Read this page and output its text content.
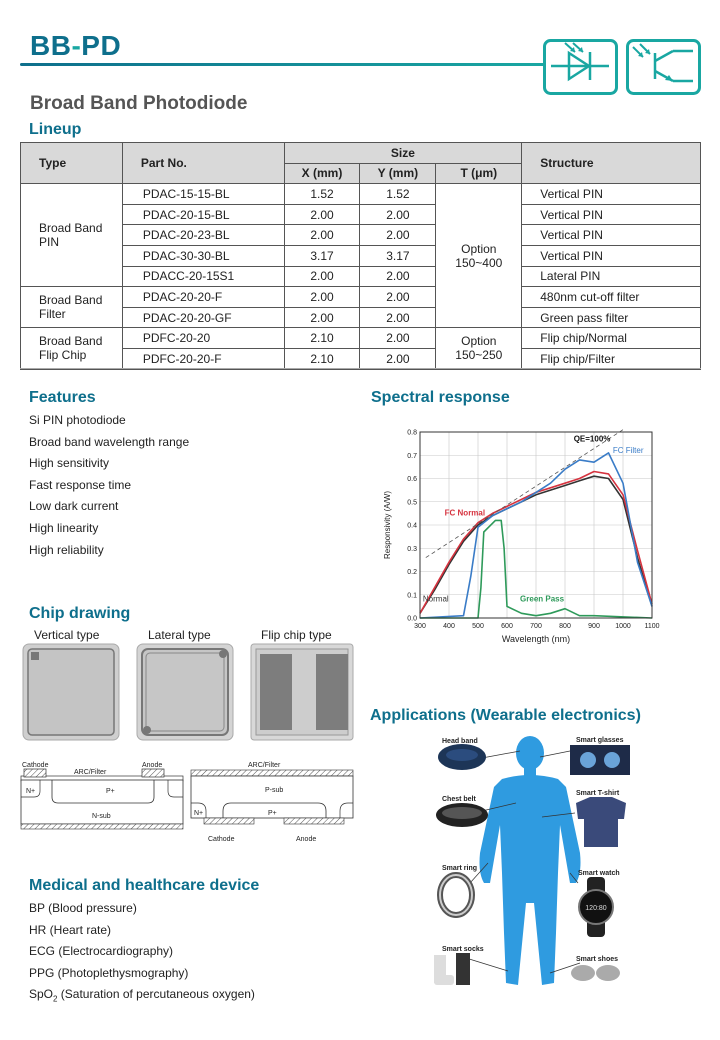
BB-PD
Broad Band Photodiode
Lineup
Type	Part No.	Size			Structure
		X (mm)	Y (mm)	T (μm)	
Broad Band PIN	PDAC-15-15-BL	1.52	1.52	Option 150~400	Vertical PIN
	PDAC-20-15-BL	2.00	2.00		Vertical PIN
	PDAC-20-23-BL	2.00	2.00		Vertical PIN
	PDAC-30-30-BL	3.17	3.17		Vertical PIN
	PDACC-20-15S1	2.00	2.00		Lateral PIN
Broad Band Filter	PDAC-20-20-F	2.00	2.00		480nm cut-off filter
	PDAC-20-20-GF	2.00	2.00		Green pass filter
Broad Band Flip Chip	PDFC-20-20	2.10	2.00	Option 150~250	Flip chip/Normal
	PDFC-20-20-F	2.10	2.00		Flip chip/Filter
Features
Si PIN photodiode
Broad band wavelength range
High sensitivity
Fast response time
Low dark current
High linearity
High reliability
Spectral response
300 400 500 600 700 800 900 1000 1100
0.0
0.1
0.2
0.3
0.4
0.5
0.6
0.7
0.8
Responsivity (A/W)
Wavelength (nm)
QE=100%
FC Filter
FC Normal
Normal	Green Pass
Chip drawing
Vertical type	Lateral type	Flip chip type
Cathode	Anode
ARC/Filter
N+	P+
N-sub
ARC/Filter
P-sub
N+	P+
Cathode	Anode
Applications (Wearable electronics)
120:80
Head band	Smart glasses
Chest belt
Smart T-shirt
Smart ring
Smart watch
Smart socks
Smart shoes
Medical and healthcare device
BP (Blood pressure)
HR (Heart rate)
ECG (Electrocardiography)
PPG (Photoplethysmography)
SpO$_2$ (Saturation of percutaneous oxygen)
